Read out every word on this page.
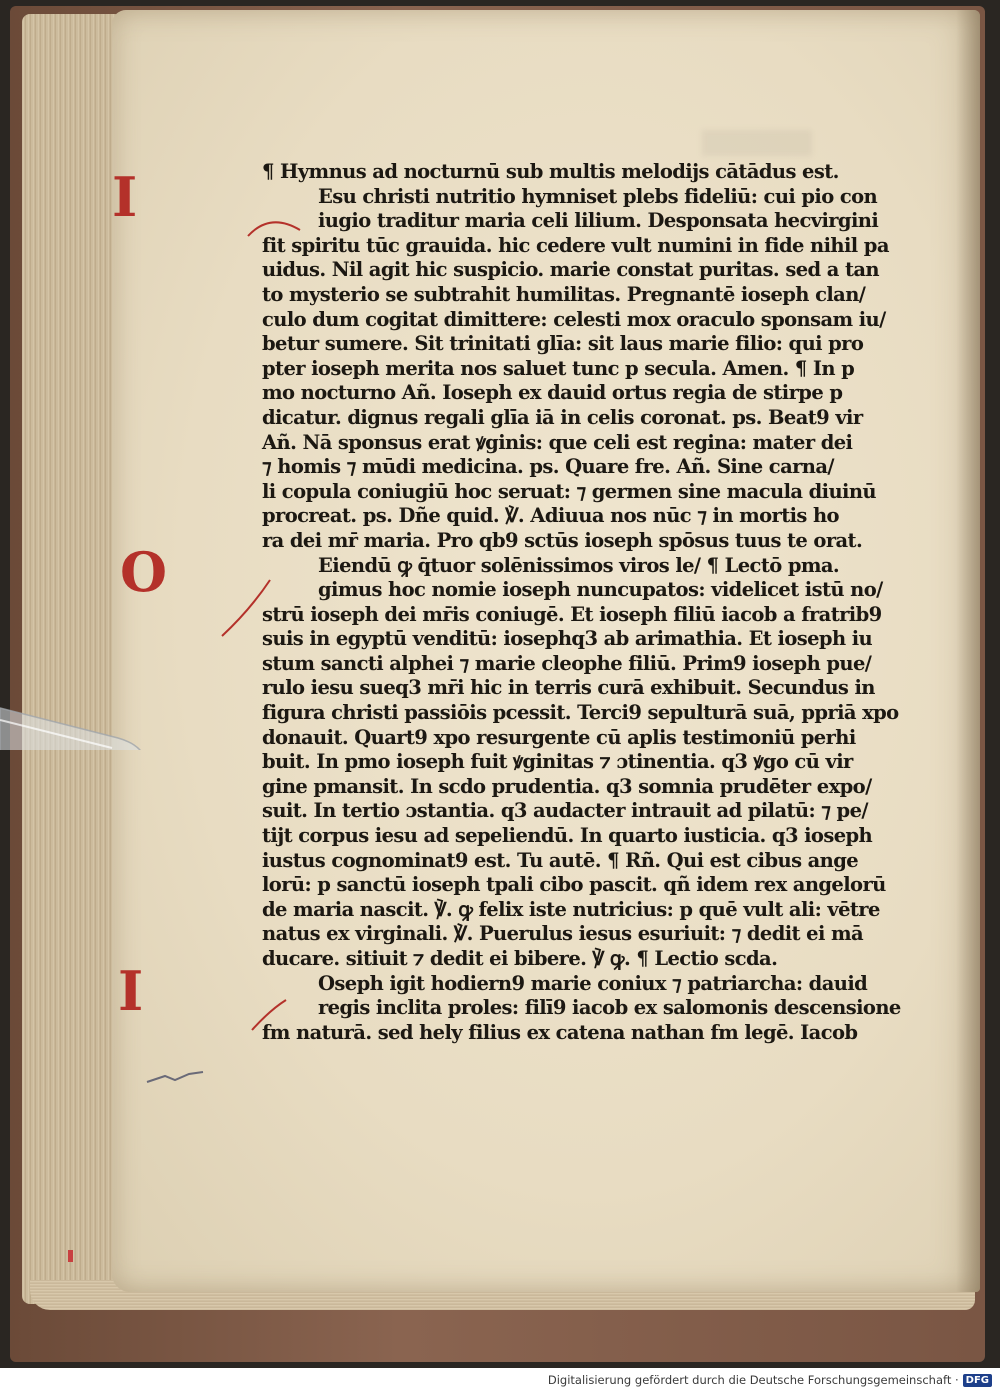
I
O
I
¶ Hymnus ad nocturnū sub multis melodijs cātādus est.
Esu christi nutritio hymniset plebs fideliū: cui pio con
iugio traditur maria celi lilium. Desponsata hecvirgini
fit spiritu tūc grauida. hic cedere vult numini in fide nihil pa
uidus. Nil agit hic suspicio. marie constat puritas. sed a tan
to mysterio se subtrahit humilitas. Pregnantē ioseph clan/
culo dum cogitat dimittere: celesti mox oraculo sponsam iu/
betur sumere. Sit trinitati glīa: sit laus marie filio: qui pro
pter ioseph merita nos saluet tunc p secula. Amen. ¶ In p
mo nocturno Añ. Ioseph ex dauid ortus regia de stirpe p
dicatur. dignus regali glīa iā in celis coronat. ps. Beat9 vir
Añ. Nā sponsus erat ꝟginis: que celi est regina: mater dei
⁊ homis ⁊ mūdi medicina. ps. Quare fre. Añ. Sine carna/
li copula coniugiū hoc seruat: ⁊ germen sine macula diuinū
procreat. ps. Dñe quid. ℣. Adiuua nos nūc ⁊ in mortis ho
ra dei mr̄ maria. Pro qb9 sctūs ioseph spōsus tuus te orat.
Eiendū ꝙ q̄tuor solēnissimos viros le/ ¶ Lectō pma.
gimus hoc nomie ioseph nuncupatos: videlicet istū no/
strū ioseph dei mr̄is coniugē. Et ioseph filiū iacob a fratrib9
suis in egyptū venditū: iosephq3 ab arimathia. Et ioseph iu
stum sancti alphei ⁊ marie cleophe filiū. Prim9 ioseph pue/
rulo iesu sueq3 mr̄i hic in terris curā exhibuit. Secundus in
figura christi passiōis pcessit. Terci9 sepulturā suā, ppriā xpo
donauit. Quart9 xpo resurgente cū aplis testimoniū perhi
buit. In pmo ioseph fuit ꝟginitas ⁊ ɔtinentia. q3 ꝟgo cū vir
gine pmansit. In scdo prudentia. q3 somnia prudēter expo/
suit. In tertio ɔstantia. q3 audacter intrauit ad pilatū: ⁊ pe/
tijt corpus iesu ad sepeliendū. In quarto iusticia. q3 ioseph
iustus cognominat9 est. Tu autē. ¶ Rñ. Qui est cibus ange
lorū: p sanctū ioseph tpali cibo pascit. qñ idem rex angelorū
de maria nascit. ℣. ꝙ felix iste nutricius: p quē vult ali: vētre
natus ex virginali. ℣. Puerulus iesus esuriuit: ⁊ dedit ei mā
ducare. sitiuit ⁊ dedit ei bibere. ℣ ꝙ. ¶ Lectio scda.
Oseph igit hodiern9 marie coniux ⁊ patriarcha: dauid
regis inclita proles: filī9 iacob ex salomonis descensione
fm naturā. sed hely filius ex catena nathan fm legē. Iacob
Digitalisierung gefördert durch die Deutsche Forschungsgemeinschaft · DFG
